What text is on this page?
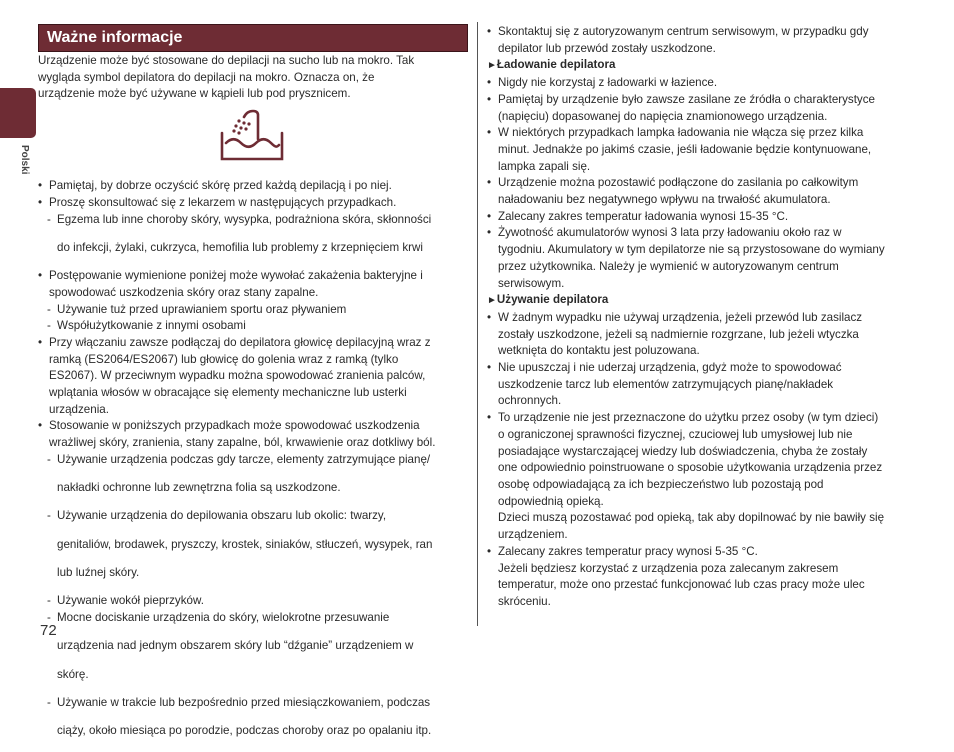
Polski
Ważne informacje

Urządzenie może być stosowane do depilacji na sucho lub na mokro. Tak

wygląda symbol depilatora do depilacji na mokro. Oznacza on, że

urządzenie może być używane w kąpieli lub pod prysznicem.

• Pamiętaj, by dobrze oczyścić skórę przed każdą depilacją i po niej.

• Proszę skonsultować się z lekarzem w następujących przypadkach.

- Egzema lub inne choroby skóry, wysypka, podrażniona skóra, skłonności

do infekcji, żylaki, cukrzyca, hemofilia lub problemy z krzepnięciem krwi

• Postępowanie wymienione poniżej może wywołać zakażenia bakteryjne i

spowodować uszkodzenia skóry oraz stany zapalne.

- Używanie tuż przed uprawianiem sportu oraz pływaniem

- Współużytkowanie z innymi osobami

• Przy włączaniu zawsze podłączaj do depilatora głowicę depilacyjną wraz z

ramką (ES2064/ES2067) lub głowicę do golenia wraz z ramką (tylko

ES2067). W przeciwnym wypadku można spowodować zranienia palców,

wplątania włosów w obracające się elementy mechaniczne lub usterki

urządzenia.

• Stosowanie w poniższych przypadkach może spowodować uszkodzenia

wrażliwej skóry, zranienia, stany zapalne, ból, krwawienie oraz dotkliwy ból.

- Używanie urządzenia podczas gdy tarcze, elementy zatrzymujące pianę/

nakładki ochronne lub zewnętrzna folia są uszkodzone.

- Używanie urządzenia do depilowania obszaru lub okolic: twarzy,

genitaliów, brodawek, pryszczy, krostek, siniaków, stłuczeń, wysypek, ran

lub luźnej skóry.

- Używanie wokół pieprzyków.

- Mocne dociskanie urządzenia do skóry, wielokrotne przesuwanie

urządzenia nad jednym obszarem skóry lub “dźganie” urządzeniem w

skórę.

- Używanie w trakcie lub bezpośrednio przed miesiączkowaniem, podczas

ciąży, około miesiąca po porodzie, podczas choroby oraz po opalaniu itp.

• Skontaktuj się z autoryzowanym centrum serwisowym, w przypadku gdy

depilator lub przewód zostały uszkodzone.

► Ładowanie depilatora

• Nigdy nie korzystaj z ładowarki w łazience.

• Pamiętaj by urządzenie było zawsze zasilane ze źródła o charakterystyce

(napięciu) dopasowanej do napięcia znamionowego urządzenia.

• W niektórych przypadkach lampka ładowania nie włącza się przez kilka

minut. Jednakże po jakimś czasie, jeśli ładowanie będzie kontynuowane,

lampka zapali się.

• Urządzenie można pozostawić podłączone do zasilania po całkowitym

naładowaniu bez negatywnego wpływu na trwałość akumulatora.

• Zalecany zakres temperatur ładowania wynosi 15-35 °C.

• Żywotność akumulatorów wynosi 3 lata przy ładowaniu około raz w

tygodniu. Akumulatory w tym depilatorze nie są przystosowane do wymiany

przez użytkownika. Należy je wymienić w autoryzowanym centrum

serwisowym.

► Używanie depilatora

• W żadnym wypadku nie używaj urządzenia, jeżeli przewód lub zasilacz

zostały uszkodzone, jeżeli są nadmiernie rozgrzane, lub jeżeli wtyczka

wetknięta do kontaktu jest poluzowana.

• Nie upuszczaj i nie uderzaj urządzenia, gdyż może to spowodować

uszkodzenie tarcz lub elementów zatrzymujących pianę/nakładek

ochronnych.

• To urządzenie nie jest przeznaczone do użytku przez osoby (w tym dzieci)

o ograniczonej sprawności fizycznej, czuciowej lub umysłowej lub nie

posiadające wystarczającej wiedzy lub doświadczenia, chyba że zostały

one odpowiednio poinstruowane o sposobie użytkowania urządzenia przez

osobę odpowiadającą za ich bezpieczeństwo lub pozostają pod

odpowiednią opieką.

Dzieci muszą pozostawać pod opieką, tak aby dopilnować by nie bawiły się

urządzeniem.

• Zalecany zakres temperatur pracy wynosi 5-35 °C.

Jeżeli będziesz korzystać z urządzenia poza zalecanym zakresem

temperatur, może ono przestać funkcjonować lub czas pracy może ulec

skróceniu.

72
